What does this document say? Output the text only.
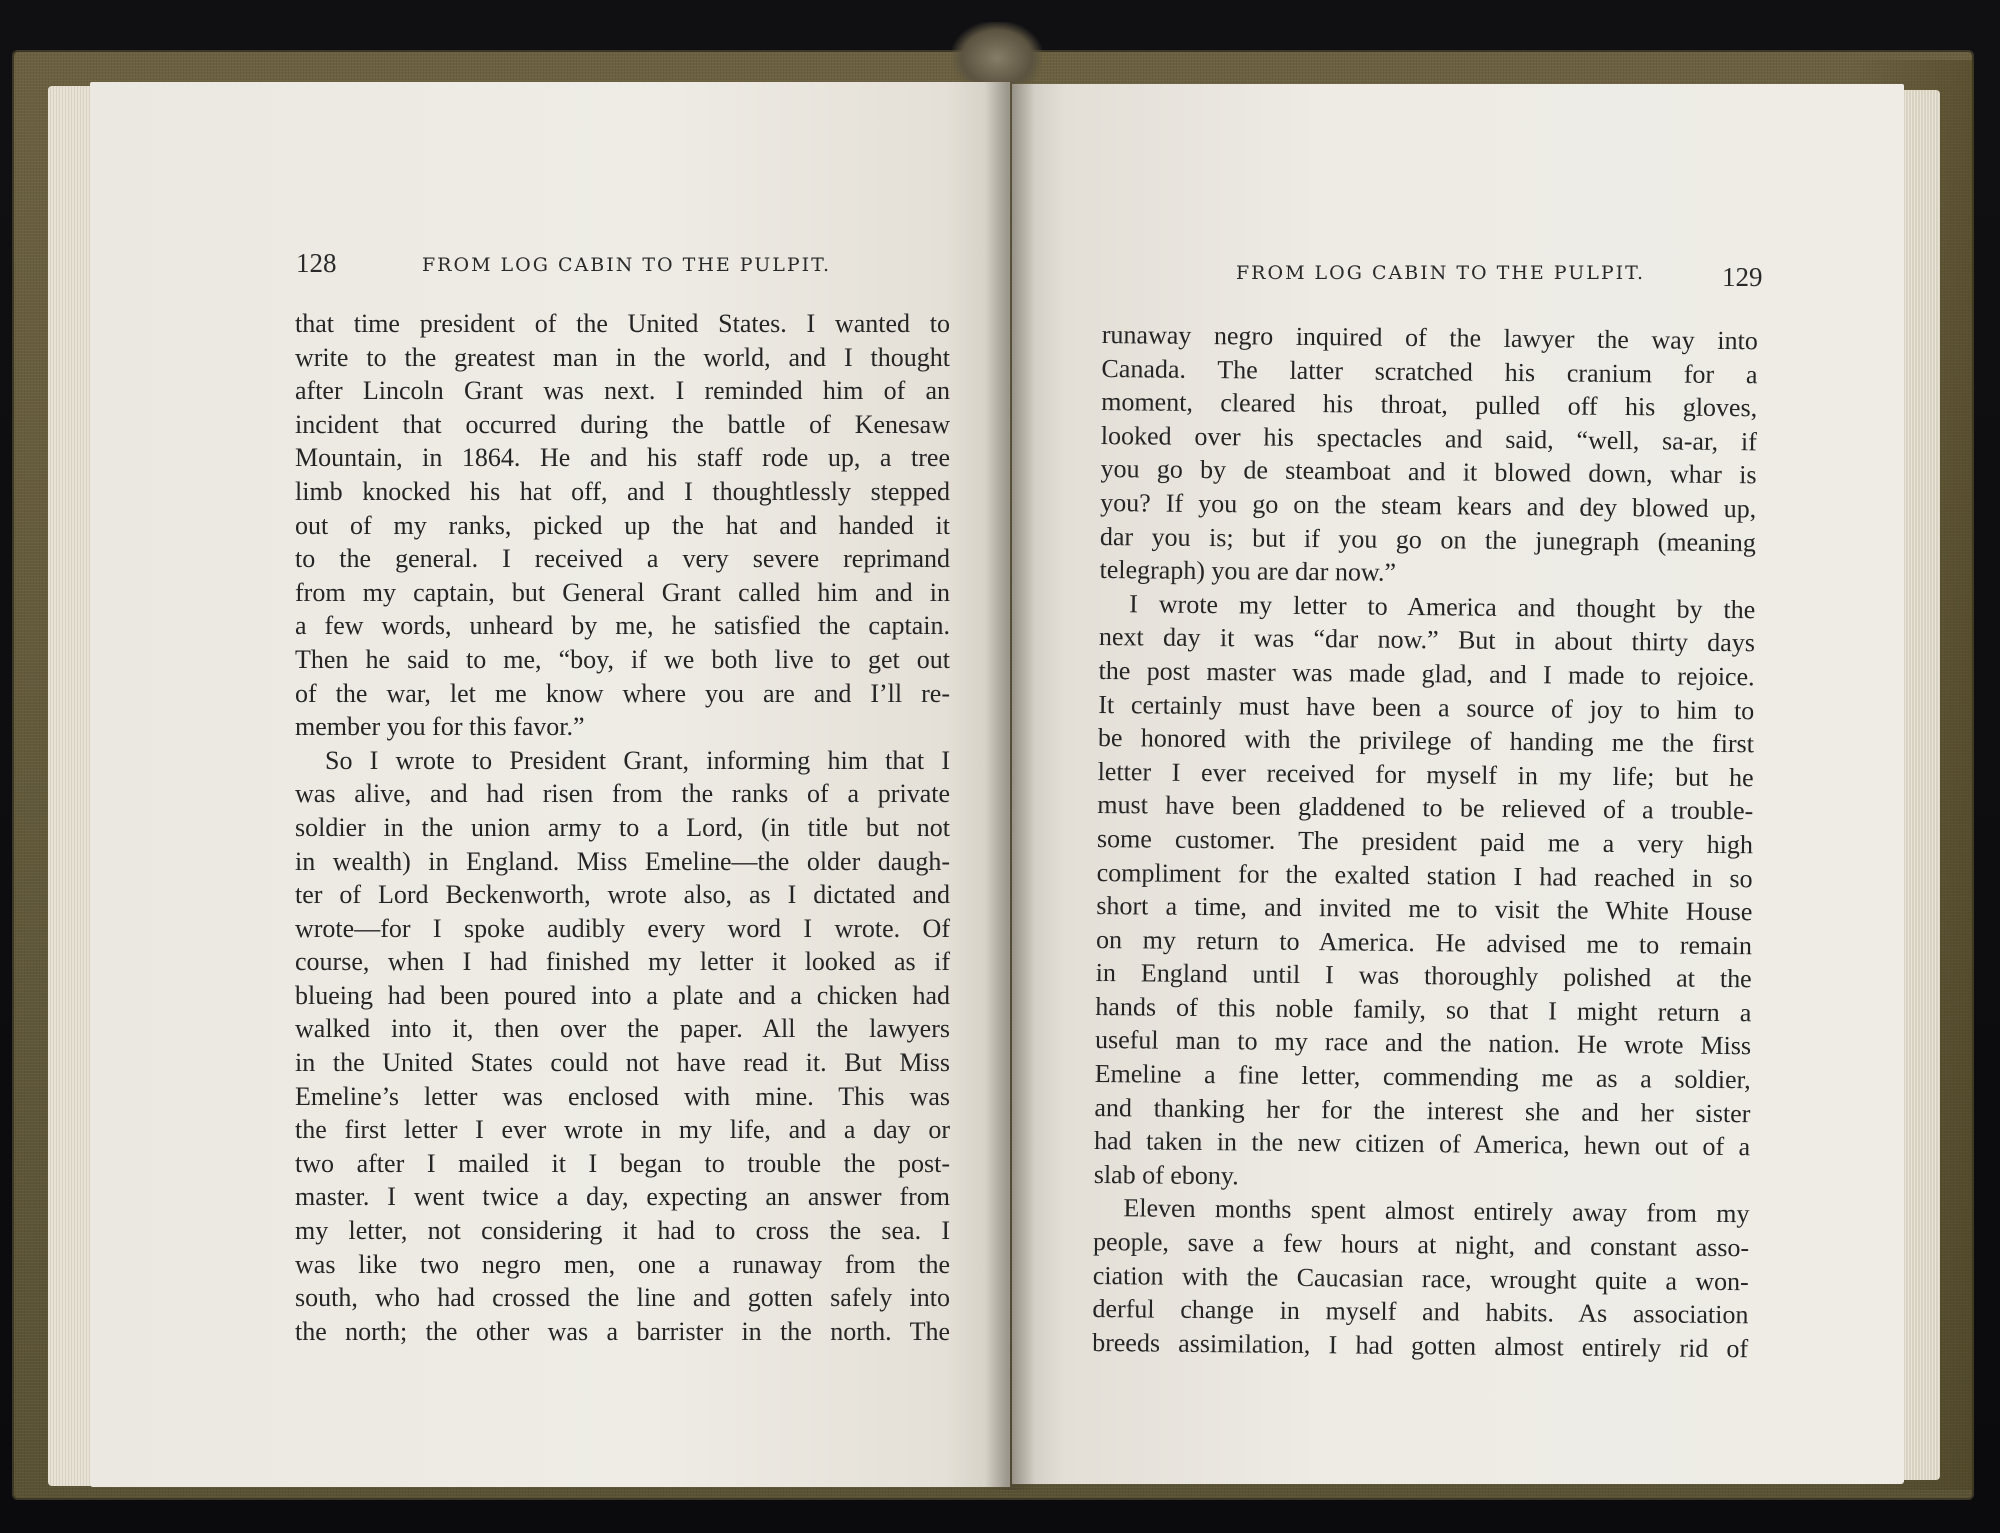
128	FROM LOG CABIN TO THE PULPIT.	FROM LOG CABIN TO THE PULPIT.	129
that time president of the United States. I wanted to
write to the greatest man in the world, and I thought
after Lincoln Grant was next. I reminded him of an
incident that occurred during the battle of Kenesaw
Mountain, in 1864. He and his staff rode up, a tree
limb knocked his hat off, and I thoughtlessly stepped
out of my ranks, picked up the hat and handed it
to the general. I received a very severe reprimand
from my captain, but General Grant called him and in
a few words, unheard by me, he satisfied the captain.
Then he said to me, “boy, if we both live to get out
of the war, let me know where you are and I’ll re-
member you for this favor.”
So I wrote to President Grant, informing him that I
was alive, and had risen from the ranks of a private
soldier in the union army to a Lord, (in title but not
in wealth) in England. Miss Emeline—the older daugh-
ter of Lord Beckenworth, wrote also, as I dictated and
wrote—for I spoke audibly every word I wrote. Of
course, when I had finished my letter it looked as if
blueing had been poured into a plate and a chicken had
walked into it, then over the paper. All the lawyers
in the United States could not have read it. But Miss
Emeline’s letter was enclosed with mine. This was
the first letter I ever wrote in my life, and a day or
two after I mailed it I began to trouble the post-
master. I went twice a day, expecting an answer from
my letter, not considering it had to cross the sea. I
was like two negro men, one a runaway from the
south, who had crossed the line and gotten safely into
the north; the other was a barrister in the north. The
runaway negro inquired of the lawyer the way into
Canada. The latter scratched his cranium for a
moment, cleared his throat, pulled off his gloves,
looked over his spectacles and said, “well, sa-ar, if
you go by de steamboat and it blowed down, whar is
you? If you go on the steam kears and dey blowed up,
dar you is; but if you go on the junegraph (meaning
telegraph) you are dar now.”
I wrote my letter to America and thought by the
next day it was “dar now.” But in about thirty days
the post master was made glad, and I made to rejoice.
It certainly must have been a source of joy to him to
be honored with the privilege of handing me the first
letter I ever received for myself in my life; but he
must have been gladdened to be relieved of a trouble-
some customer. The president paid me a very high
compliment for the exalted station I had reached in so
short a time, and invited me to visit the White House
on my return to America. He advised me to remain
in England until I was thoroughly polished at the
hands of this noble family, so that I might return a
useful man to my race and the nation. He wrote Miss
Emeline a fine letter, commending me as a soldier,
and thanking her for the interest she and her sister
had taken in the new citizen of America, hewn out of a
slab of ebony.
Eleven months spent almost entirely away from my
people, save a few hours at night, and constant asso-
ciation with the Caucasian race, wrought quite a won-
derful change in myself and habits. As association
breeds assimilation, I had gotten almost entirely rid of
